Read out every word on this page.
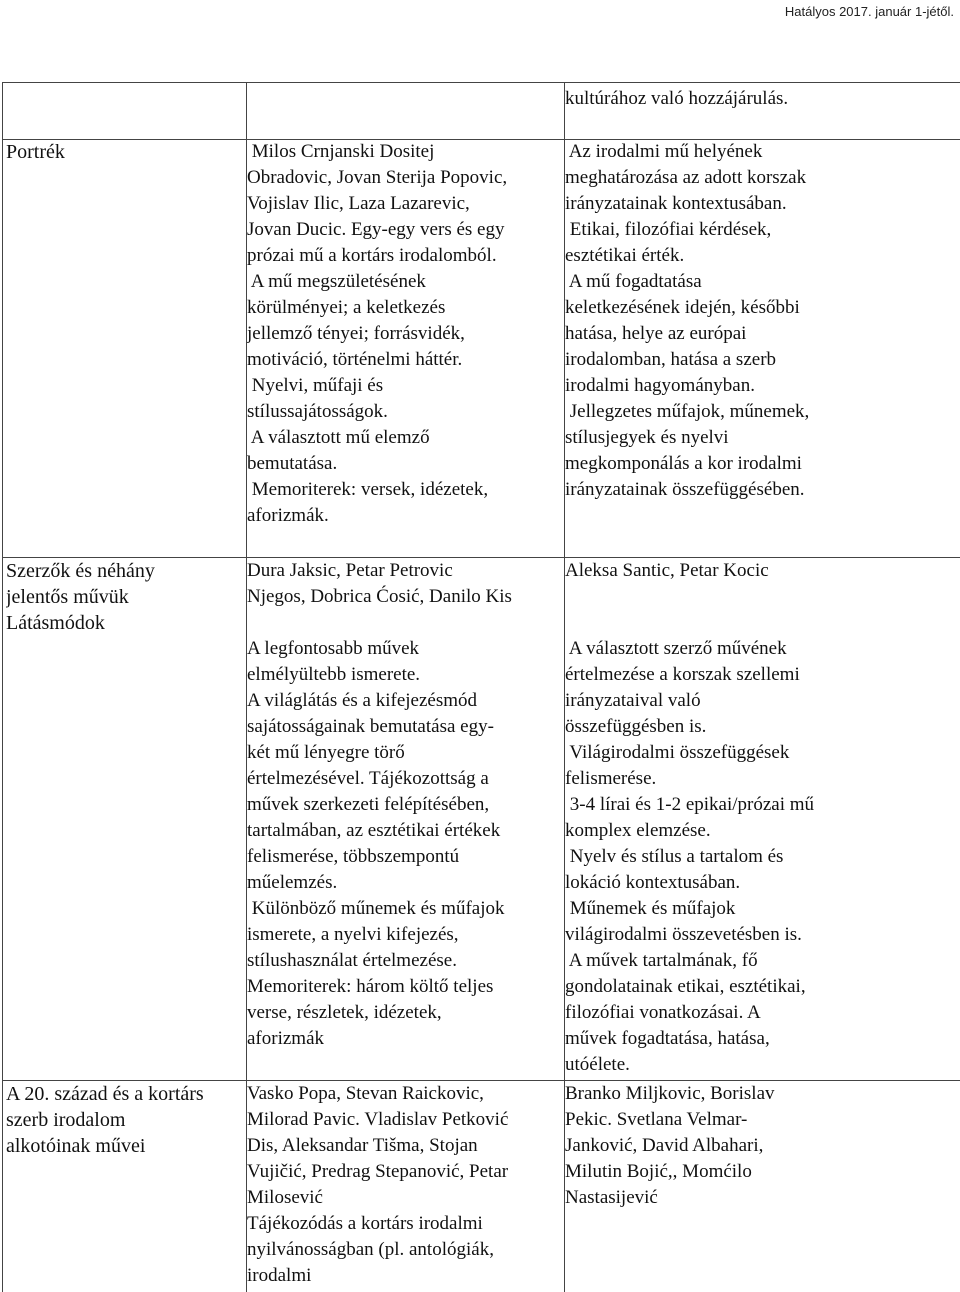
Hatályos 2017. január 1-jétől.
kultúrához való hozzájárulás.
Portrék	Milos Crnjanski Dositej
Obradovic, Jovan Sterija Popovic,
Vojislav Ilic, Laza Lazarevic,
Jovan Ducic. Egy-egy vers és egy
prózai mű a kortárs irodalomból.
A mű megszületésének
körülményei; a keletkezés
jellemző tényei; forrásvidék,
motiváció, történelmi háttér.
Nyelvi, műfaji és
stílussajátosságok.
A választott mű elemző
bemutatása.
Memoriterek: versek, idézetek,
aforizmák.
Az irodalmi mű helyének
meghatározása az adott korszak
irányzatainak kontextusában.
Etikai, filozófiai kérdések,
esztétikai érték.
A mű fogadtatása
keletkezésének idején, későbbi
hatása, helye az európai
irodalomban, hatása a szerb
irodalmi hagyományban.
Jellegzetes műfajok, műnemek,
stílusjegyek és nyelvi
megkomponálás a kor irodalmi
irányzatainak összefüggésében.
Szerzők és néhány
jelentős művük
Látásmódok
Dura Jaksic, Petar Petrovic
Njegos, Dobrica Ćosić, Danilo Kis

A legfontosabb művek
elmélyültebb ismerete.
A világlátás és a kifejezésmód
sajátosságainak bemutatása egy-
két mű lényegre törő
értelmezésével. Tájékozottság a
művek szerkezeti felépítésében,
tartalmában, az esztétikai értékek
felismerése, többszempontú
műelemzés.
Különböző műnemek és műfajok
ismerete, a nyelvi kifejezés,
stílushasználat értelmezése.
Memoriterek: három költő teljes
verse, részletek, idézetek,
aforizmák
Aleksa Santic, Petar Kocic

A választott szerző művének
értelmezése a korszak szellemi
irányzataival való
összefüggésben is.
Világirodalmi összefüggések
felismerése.
3-4 lírai és 1-2 epikai/prózai mű
komplex elemzése.
Nyelv és stílus a tartalom és
lokáció kontextusában.
Műnemek és műfajok
világirodalmi összevetésben is.
A művek tartalmának, fő
gondolatainak etikai, esztétikai,
filozófiai vonatkozásai. A
művek fogadtatása, hatása,
utóélete.
A 20. század és a kortárs
szerb irodalom
alkotóinak művei
Vasko Popa, Stevan Raickovic,
Milorad Pavic. Vladislav Petković
Dis, Aleksandar Tišma, Stojan
Vujičić, Predrag Stepanović, Petar
Milosević
Tájékozódás a kortárs irodalmi
nyilvánosságban (pl. antológiák,
irodalmi
Branko Miljkovic, Borislav
Pekic. Svetlana Velmar-
Janković, David Albahari,
Milutin Bojić,, Momćilo
Nastasijević
